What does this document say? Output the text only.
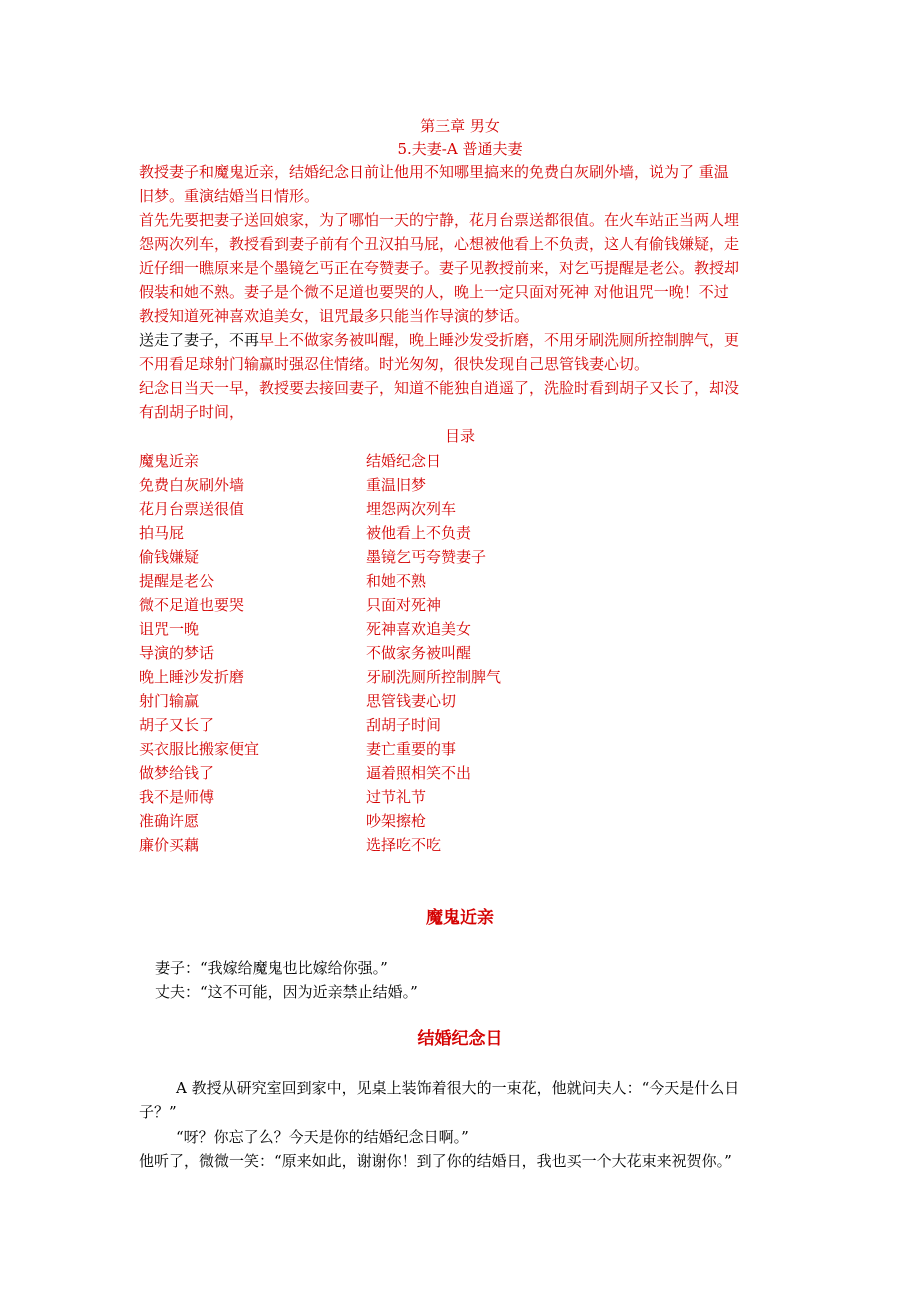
第三章 男女
5.夫妻-A 普通夫妻
教授妻子和魔鬼近亲，结婚纪念日前让他用不知哪里搞来的免费白灰刷外墙，说为了 重温
旧梦。重演结婚当日情形。
首先先要把妻子送回娘家，为了哪怕一天的宁静，花月台票送都很值。在火车站正当两人埋
怨两次列车，教授看到妻子前有个丑汉拍马屁，心想被他看上不负责，这人有偷钱嫌疑，走
近仔细一瞧原来是个墨镜乞丐正在夸赞妻子。妻子见教授前来，对乞丐提醒是老公。教授却
假装和她不熟。妻子是个微不足道也要哭的人，晚上一定只面对死神 对他诅咒一晚！不过
教授知道死神喜欢追美女，诅咒最多只能当作导演的梦话。
送走了妻子，不再早上不做家务被叫醒，晚上睡沙发受折磨，不用牙刷洗厕所控制脾气，更
不用看足球射门输赢时强忍住情绪。时光匆匆，很快发现自己思管钱妻心切。
纪念日当天一早，教授要去接回妻子，知道不能独自逍遥了，洗脸时看到胡子又长了，却没
有刮胡子时间，
目录
魔鬼近亲	结婚纪念日
免费白灰刷外墙	重温旧梦
花月台票送很值	埋怨两次列车
拍马屁	被他看上不负责
偷钱嫌疑	墨镜乞丐夸赞妻子
提醒是老公	和她不熟
微不足道也要哭	只面对死神
诅咒一晚	死神喜欢追美女
导演的梦话	不做家务被叫醒
晚上睡沙发折磨	牙刷洗厕所控制脾气
射门输赢	思管钱妻心切
胡子又长了	刮胡子时间
买衣服比搬家便宜	妻亡重要的事
做梦给钱了	逼着照相笑不出
我不是师傅	过节礼节
准确许愿	吵架擦枪
廉价买藕	选择吃不吃
魔鬼近亲
妻子：“我嫁给魔鬼也比嫁给你强。”
丈夫：“这不可能，因为近亲禁止结婚。”
结婚纪念日
A 教授从研究室回到家中，见桌上装饰着很大的一束花，他就问夫人：“今天是什么日
子？”
“呀？你忘了么？今天是你的结婚纪念日啊。”
他听了，微微一笑：“原来如此，谢谢你！到了你的结婚日，我也买一个大花束来祝贺你。”
